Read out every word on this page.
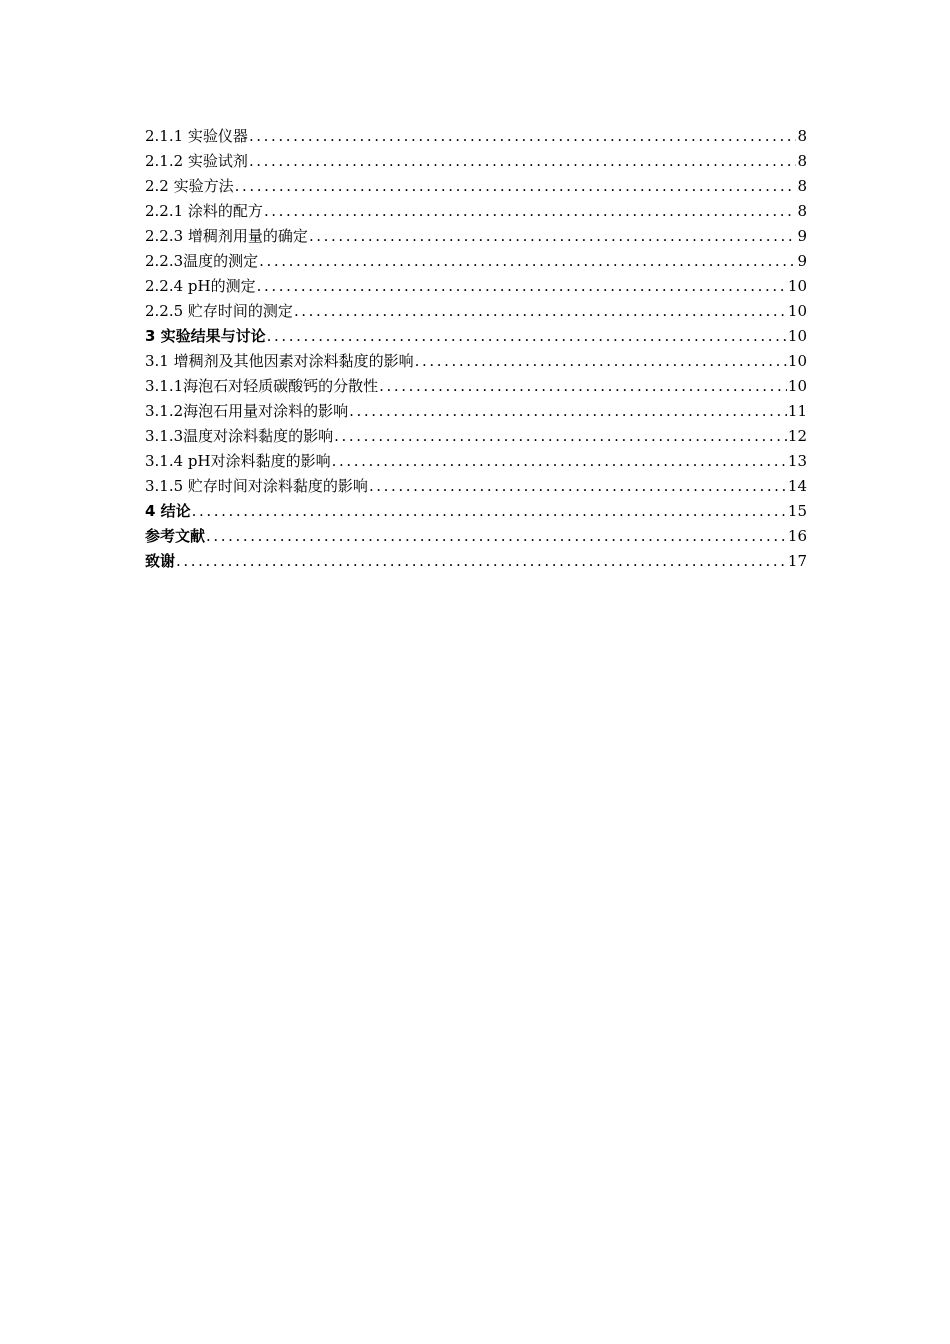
2.1.1 实验仪器 .....	8
2.1.2 实验试剂 .....	8
2.2 实验方法 .....	8
2.2.1 涂料的配方 .....	8
2.2.3 增稠剂用量的确定 .....	9
2.2.3温度的测定 .....	9
2.2.4 pH的测定 .....	10
2.2.5 贮存时间的测定 .....	10
3 实验结果与讨论 .....	10
3.1 增稠剂及其他因素对涂料黏度的影响 .....	10
3.1.1海泡石对轻质碳酸钙的分散性 .....	10
3.1.2海泡石用量对涂料的影响 .....	11
3.1.3温度对涂料黏度的影响 .....	12
3.1.4 pH对涂料黏度的影响 .....	13
3.1.5 贮存时间对涂料黏度的影响 .....	14
4 结论 .....	15
参考文献 .....	16
致谢 .....	17
